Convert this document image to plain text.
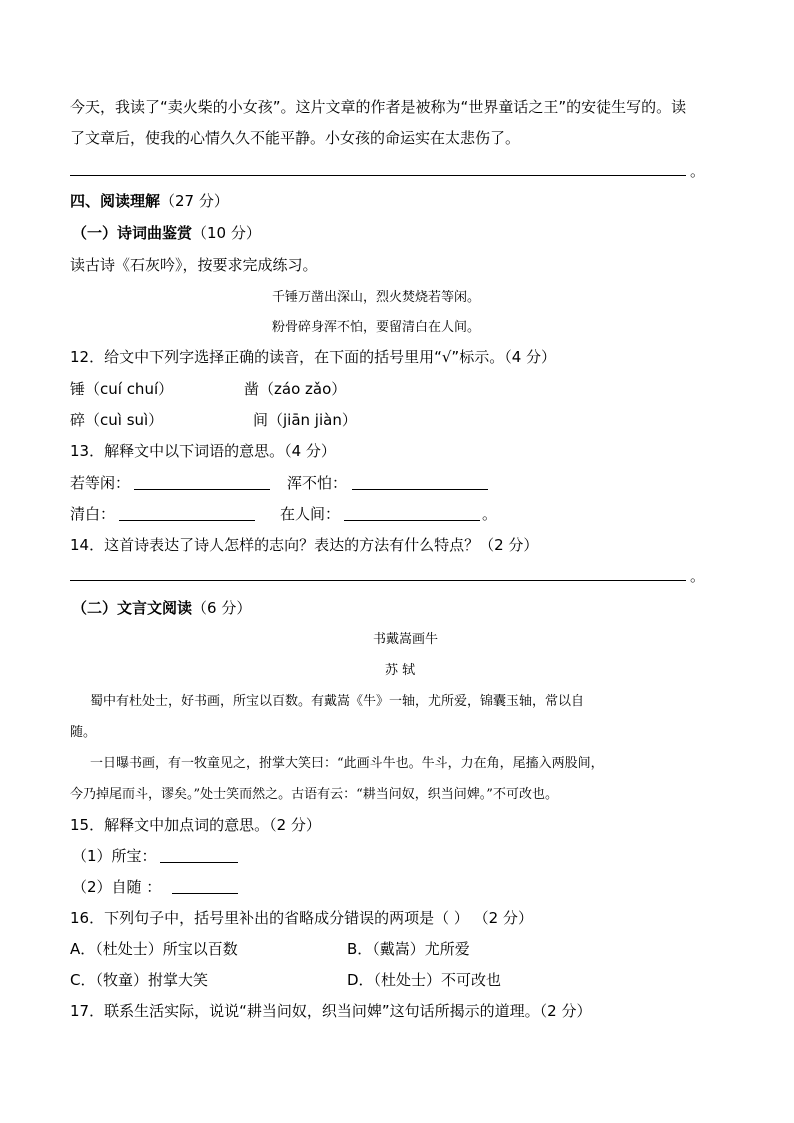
今天，我读了“卖火柴的小女孩”。这片文章的作者是被称为“世界童话之王”的安徒生写的。读
了文章后，使我的心情久久不能平静。小女孩的命运实在太悲伤了。
。
四、阅读理解（27 分）
（一）诗词曲鉴赏（10 分）
读古诗《石灰吟》，按要求完成练习。
千锤万凿出深山，烈火焚烧若等闲。
粉骨碎身浑不怕，要留清白在人间。
12．给文中下列字选择正确的读音，在下面的括号里用“√”标示。（4 分）
锤（cuí chuí）	凿（záo zǎo）
碎（cuì suì）	间（jiān jiàn）
13．解释文中以下词语的意思。（4 分）
若等闲：	浑不怕：
清白：	在人间：	。
14．这首诗表达了诗人怎样的志向？表达的方法有什么特点？（2 分）
。
（二）文言文阅读（6 分）
书戴嵩画牛
苏 轼
蜀中有杜处士，好书画，所宝以百数。有戴嵩《牛》一轴，尤所爱，锦囊玉轴，常以自
随。
一日曝书画，有一牧童见之，拊掌大笑曰：“此画斗牛也。牛斗，力在角，尾搐入两股间，
今乃掉尾而斗，谬矣。”处士笑而然之。古语有云：“耕当问奴，织当问婢。”不可改也。
15．解释文中加点词的意思。（2 分）
（1）所宝：
（2）自随 ：
16．下列句子中，括号里补出的省略成分错误的两项是（ ） （2 分）
A．（杜处士）所宝以百数	B．（戴嵩）尤所爱
C．（牧童）拊掌大笑	D．（杜处士）不可改也
17．联系生活实际，说说“耕当问奴，织当问婢”这句话所揭示的道理。（2 分）
